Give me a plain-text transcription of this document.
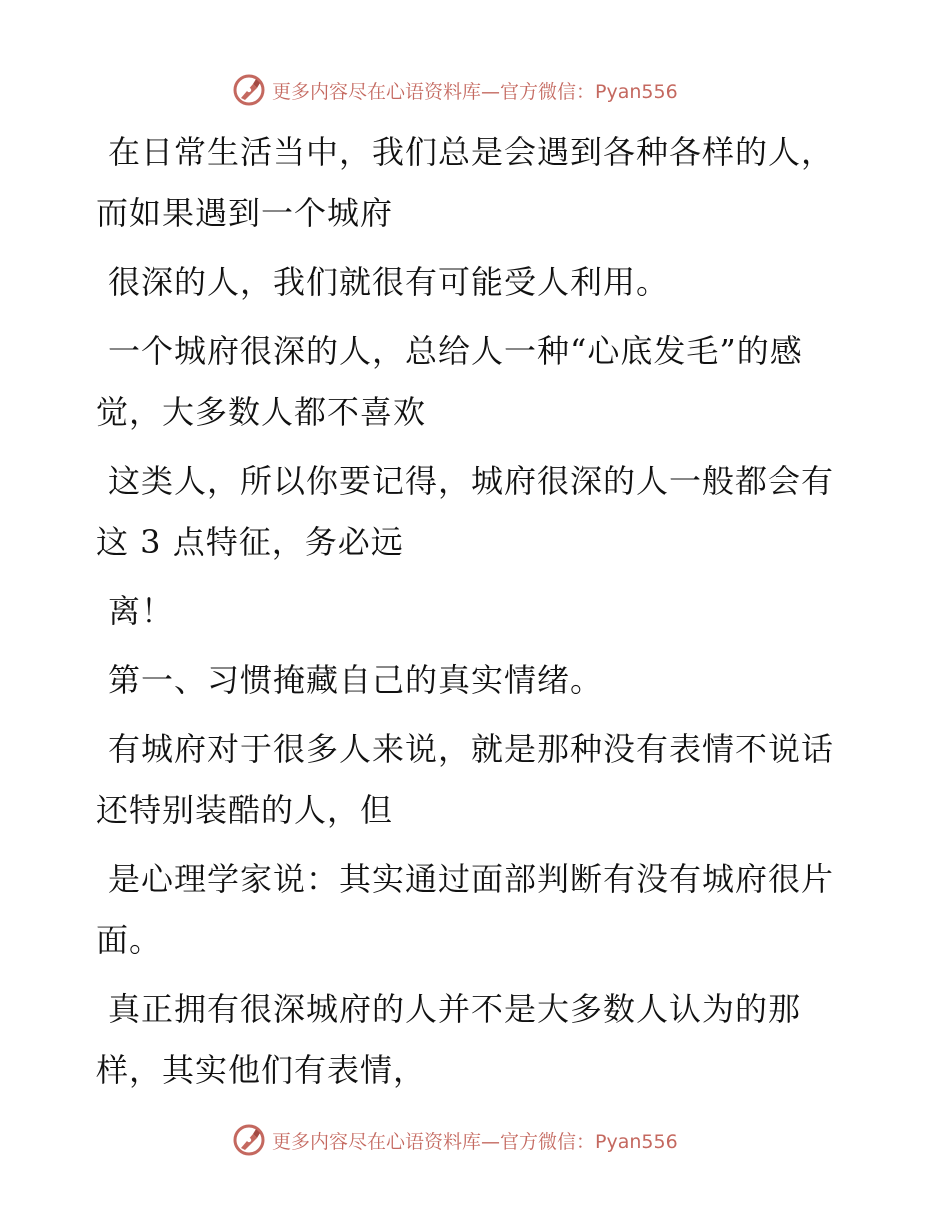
更多内容尽在心语资料库—官方微信：Pyan556

在日常生活当中，我们总是会遇到各种各样的人，而如果遇到一个城府

很深的人，我们就很有可能受人利用。

一个城府很深的人，总给人一种“心底发毛”的感觉，大多数人都不喜欢

这类人，所以你要记得，城府很深的人一般都会有这 3 点特征，务必远

离！

第一、习惯掩藏自己的真实情绪。

有城府对于很多人来说，就是那种没有表情不说话还特别装酷的人，但

是心理学家说：其实通过面部判断有没有城府很片面。

真正拥有很深城府的人并不是大多数人认为的那样，其实他们有表情，

更多内容尽在心语资料库—官方微信：Pyan556
